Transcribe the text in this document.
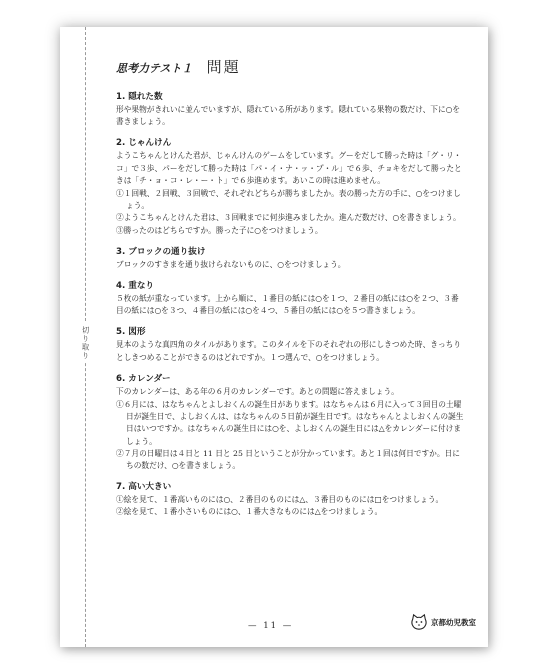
切り取り
思考力テスト１ 問題
1. 隠れた数

形や果物がきれいに並んでいますが、隠れている所があります。隠れている果物の数だけ、下に○を書きましょう。

2. じゃんけん

ようこちゃんとけんた君が、じゃんけんのゲームをしています。グーをだして勝った時は「グ・リ・コ」で３歩、パーをだして勝った時は「パ・イ・ナ・ッ・プ・ル」で６歩、チョキをだして勝ったときは「チ・ョ・コ・レ・ー・ト」で６歩進めます。あいこの時は進めません。

①１回戦、２回戦、３回戦で、それぞれどちらが勝ちましたか。表の勝った方の手に、○をつけましょう。
②ようこちゃんとけんた君は、３回戦までに何歩進みましたか。進んだ数だけ、○を書きましょう。
③勝ったのはどちらですか。勝った子に○をつけましょう。
3. ブロックの通り抜け

ブロックのすきまを通り抜けられないものに、○をつけましょう。

4. 重なり

５枚の紙が重なっています。上から順に、１番目の紙には○を１つ、２番目の紙には○を２つ、３番目の紙には○を３つ、４番目の紙には○を４つ、５番目の紙には○を５つ書きましょう。

5. 図形

見本のような真四角のタイルがあります。このタイルを下のそれぞれの形にしきつめた時、きっちりとしきつめることができるのはどれですか。１つ選んで、○をつけましょう。

6. カレンダー

下のカレンダーは、ある年の６月のカレンダーです。あとの問題に答えましょう。

①６月には、はなちゃんとよしおくんの誕生日があります。はなちゃんは６月に入って３回目の土曜日が誕生日で、よしおくんは、はなちゃんの５日前が誕生日です。はなちゃんとよしおくんの誕生日はいつですか。はなちゃんの誕生日には○を、よしおくんの誕生日には△をカレンダーに付けましょう。
②７月の日曜日は４日と 11 日と 25 日ということが分かっています。あと１回は何日ですか。日にちの数だけ、○を書きましょう。
7. 高い大きい
①絵を見て、１番高いものには○、２番目のものには△、３番目のものには□をつけましょう。
②絵を見て、１番小さいものには○、１番大きなものには△をつけましょう。
— 11 —	京都幼児教室
